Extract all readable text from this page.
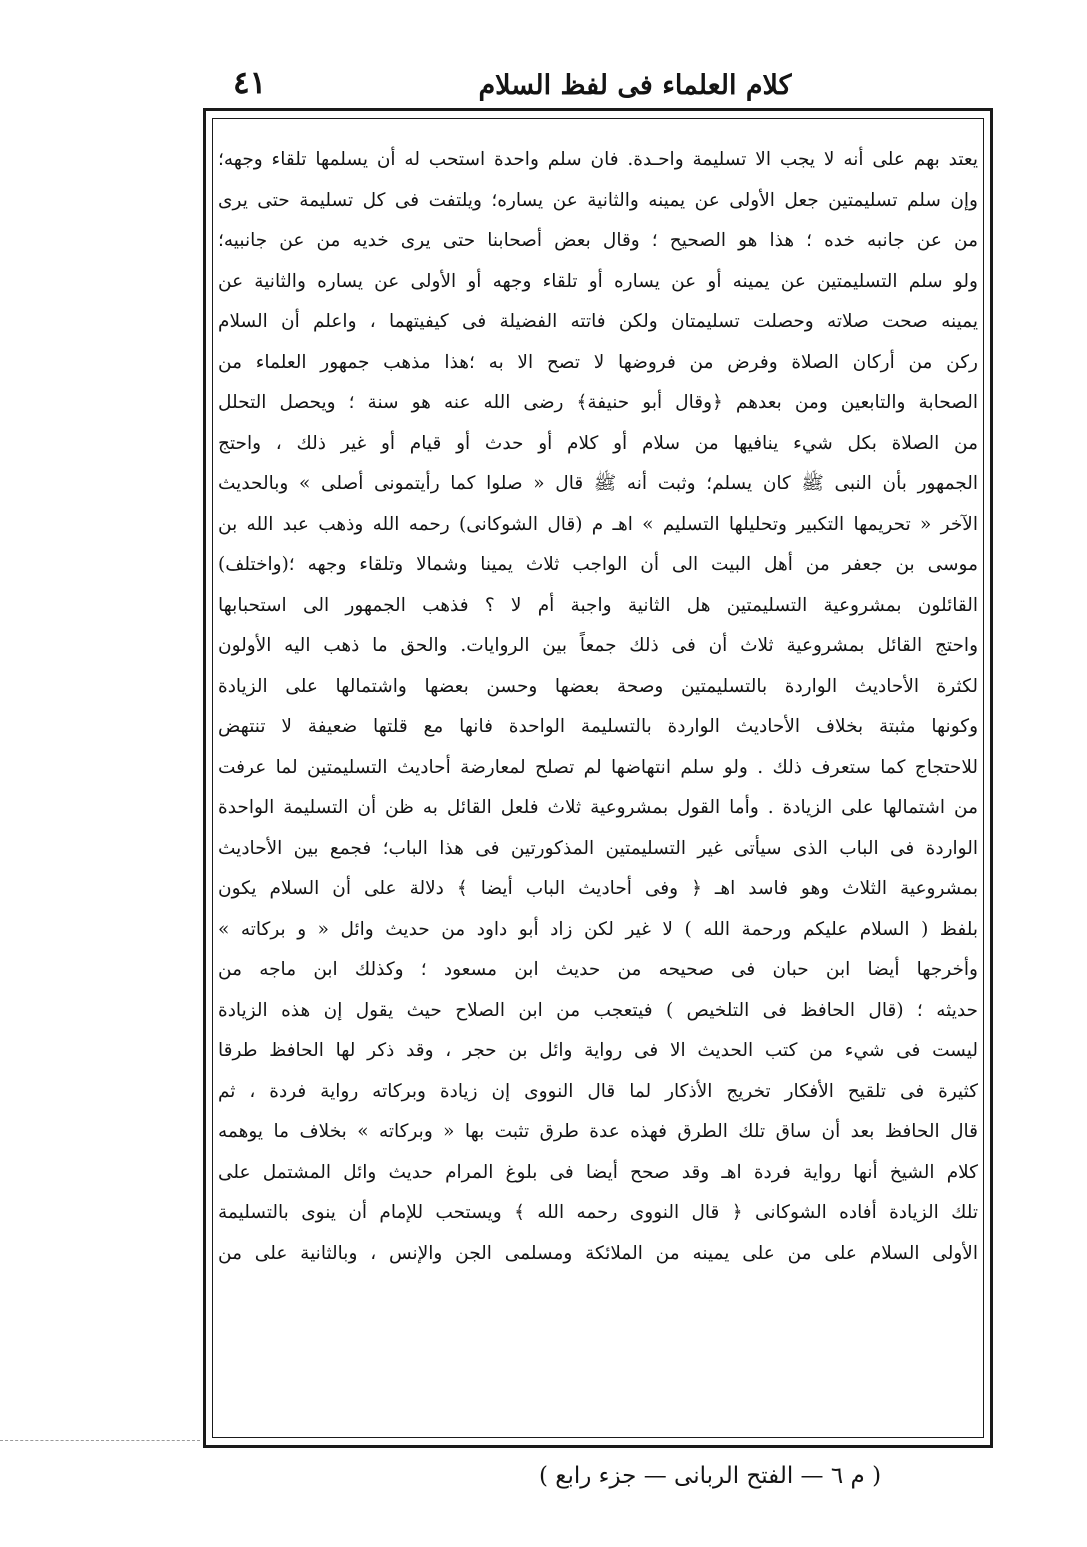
٤١	كلام العلماء فى لفظ السلام
يعتد بهم على أنه لا يجب الا تسليمة واحـدة. فان سلم واحدة استحب له أن يسلمها تلقاء وجهه؛
وإن سلم تسليمتين جعل الأولى عن يمينه والثانية عن يساره؛ ويلتفت فى كل تسليمة حتى يرى
من عن جانبه خده ؛ هذا هو الصحيح ؛ وقال بعض أصحابنا حتى يرى خديه من عن جانبيه؛
ولو سلم التسليمتين عن يمينه أو عن يساره أو تلقاء وجهه أو الأولى عن يساره والثانية عن
يمينه صحت صلاته وحصلت تسليمتان ولكن فاتته الفضيلة فى كيفيتهما ، واعلم أن السلام
ركن من أركان الصلاة وفرض من فروضها لا تصح الا به ؛هذا مذهب جمهور العلماء من
الصحابة والتابعين ومن بعدهم ﴿وقال أبو حنيفة﴾ رضى الله عنه هو سنة ؛ ويحصل التحلل
من الصلاة بكل شيء ينافيها من سلام أو كلام أو حدث أو قيام أو غير ذلك ، واحتج
الجمهور بأن النبى ﷺ كان يسلم؛ وثبت أنه ﷺ قال « صلوا كما رأيتمونى أصلى » وبالحديث
الآخر « تحريمها التكبير وتحليلها التسليم » اهـ م (قال الشوكانى) رحمه الله وذهب عبد الله بن
موسى بن جعفر من أهل البيت الى أن الواجب ثلاث يمينا وشمالا وتلقاء وجهه ؛(واختلف)
القائلون بمشروعية التسليمتين هل الثانية واجبة أم لا ؟ فذهب الجمهور الى استحبابها
واحتج القائل بمشروعية ثلاث أن فى ذلك جمعاً بين الروايات. والحق ما ذهب اليه الأولون
لكثرة الأحاديث الواردة بالتسليمتين وصحة بعضها وحسن بعضها واشتمالها على الزيادة
وكونها مثبتة بخلاف الأحاديث الواردة بالتسليمة الواحدة فانها مع قلتها ضعيفة لا تنتهض
للاحتجاج كما ستعرف ذلك . ولو سلم انتهاضها لم تصلح لمعارضة أحاديث التسليمتين لما عرفت
من اشتمالها على الزيادة . وأما القول بمشروعية ثلاث فلعل القائل به ظن أن التسليمة الواحدة
الواردة فى الباب الذى سيأتى غير التسليمتين المذكورتين فى هذا الباب؛ فجمع بين الأحاديث
بمشروعية الثلاث وهو فاسد اهـ ﴿ وفى أحاديث الباب أيضا ﴾ دلالة على أن السلام يكون
بلفظ ( السلام عليكم ورحمة الله ) لا غير لكن زاد أبو داود من حديث وائل « و بركاته »
وأخرجها أيضا ابن حبان فى صحيحه من حديث ابن مسعود ؛ وكذلك ابن ماجه من
حديثه ؛ (قال الحافظ فى التلخيص ) فيتعجب من ابن الصلاح حيث يقول إن هذه الزيادة
ليست فى شيء من كتب الحديث الا فى رواية وائل بن حجر ، وقد ذكر لها الحافظ طرقا
كثيرة فى تلقيح الأفكار تخريج الأذكار لما قال النووى إن زيادة وبركاته رواية فردة ، ثم
قال الحافظ بعد أن ساق تلك الطرق فهذه عدة طرق تثبت بها « وبركاته » بخلاف ما يوهمه
كلام الشيخ أنها رواية فردة اهـ وقد صحح أيضا فى بلوغ المرام حديث وائل المشتمل على
تلك الزيادة أفاده الشوكانى ﴿ قال النووى رحمه الله ﴾ ويستحب للإمام أن ينوى بالتسليمة
الأولى السلام على من على يمينه من الملائكة ومسلمى الجن والإنس ، وبالثانية على من
( م ٦ — الفتح الربانى — جزء رابع )
